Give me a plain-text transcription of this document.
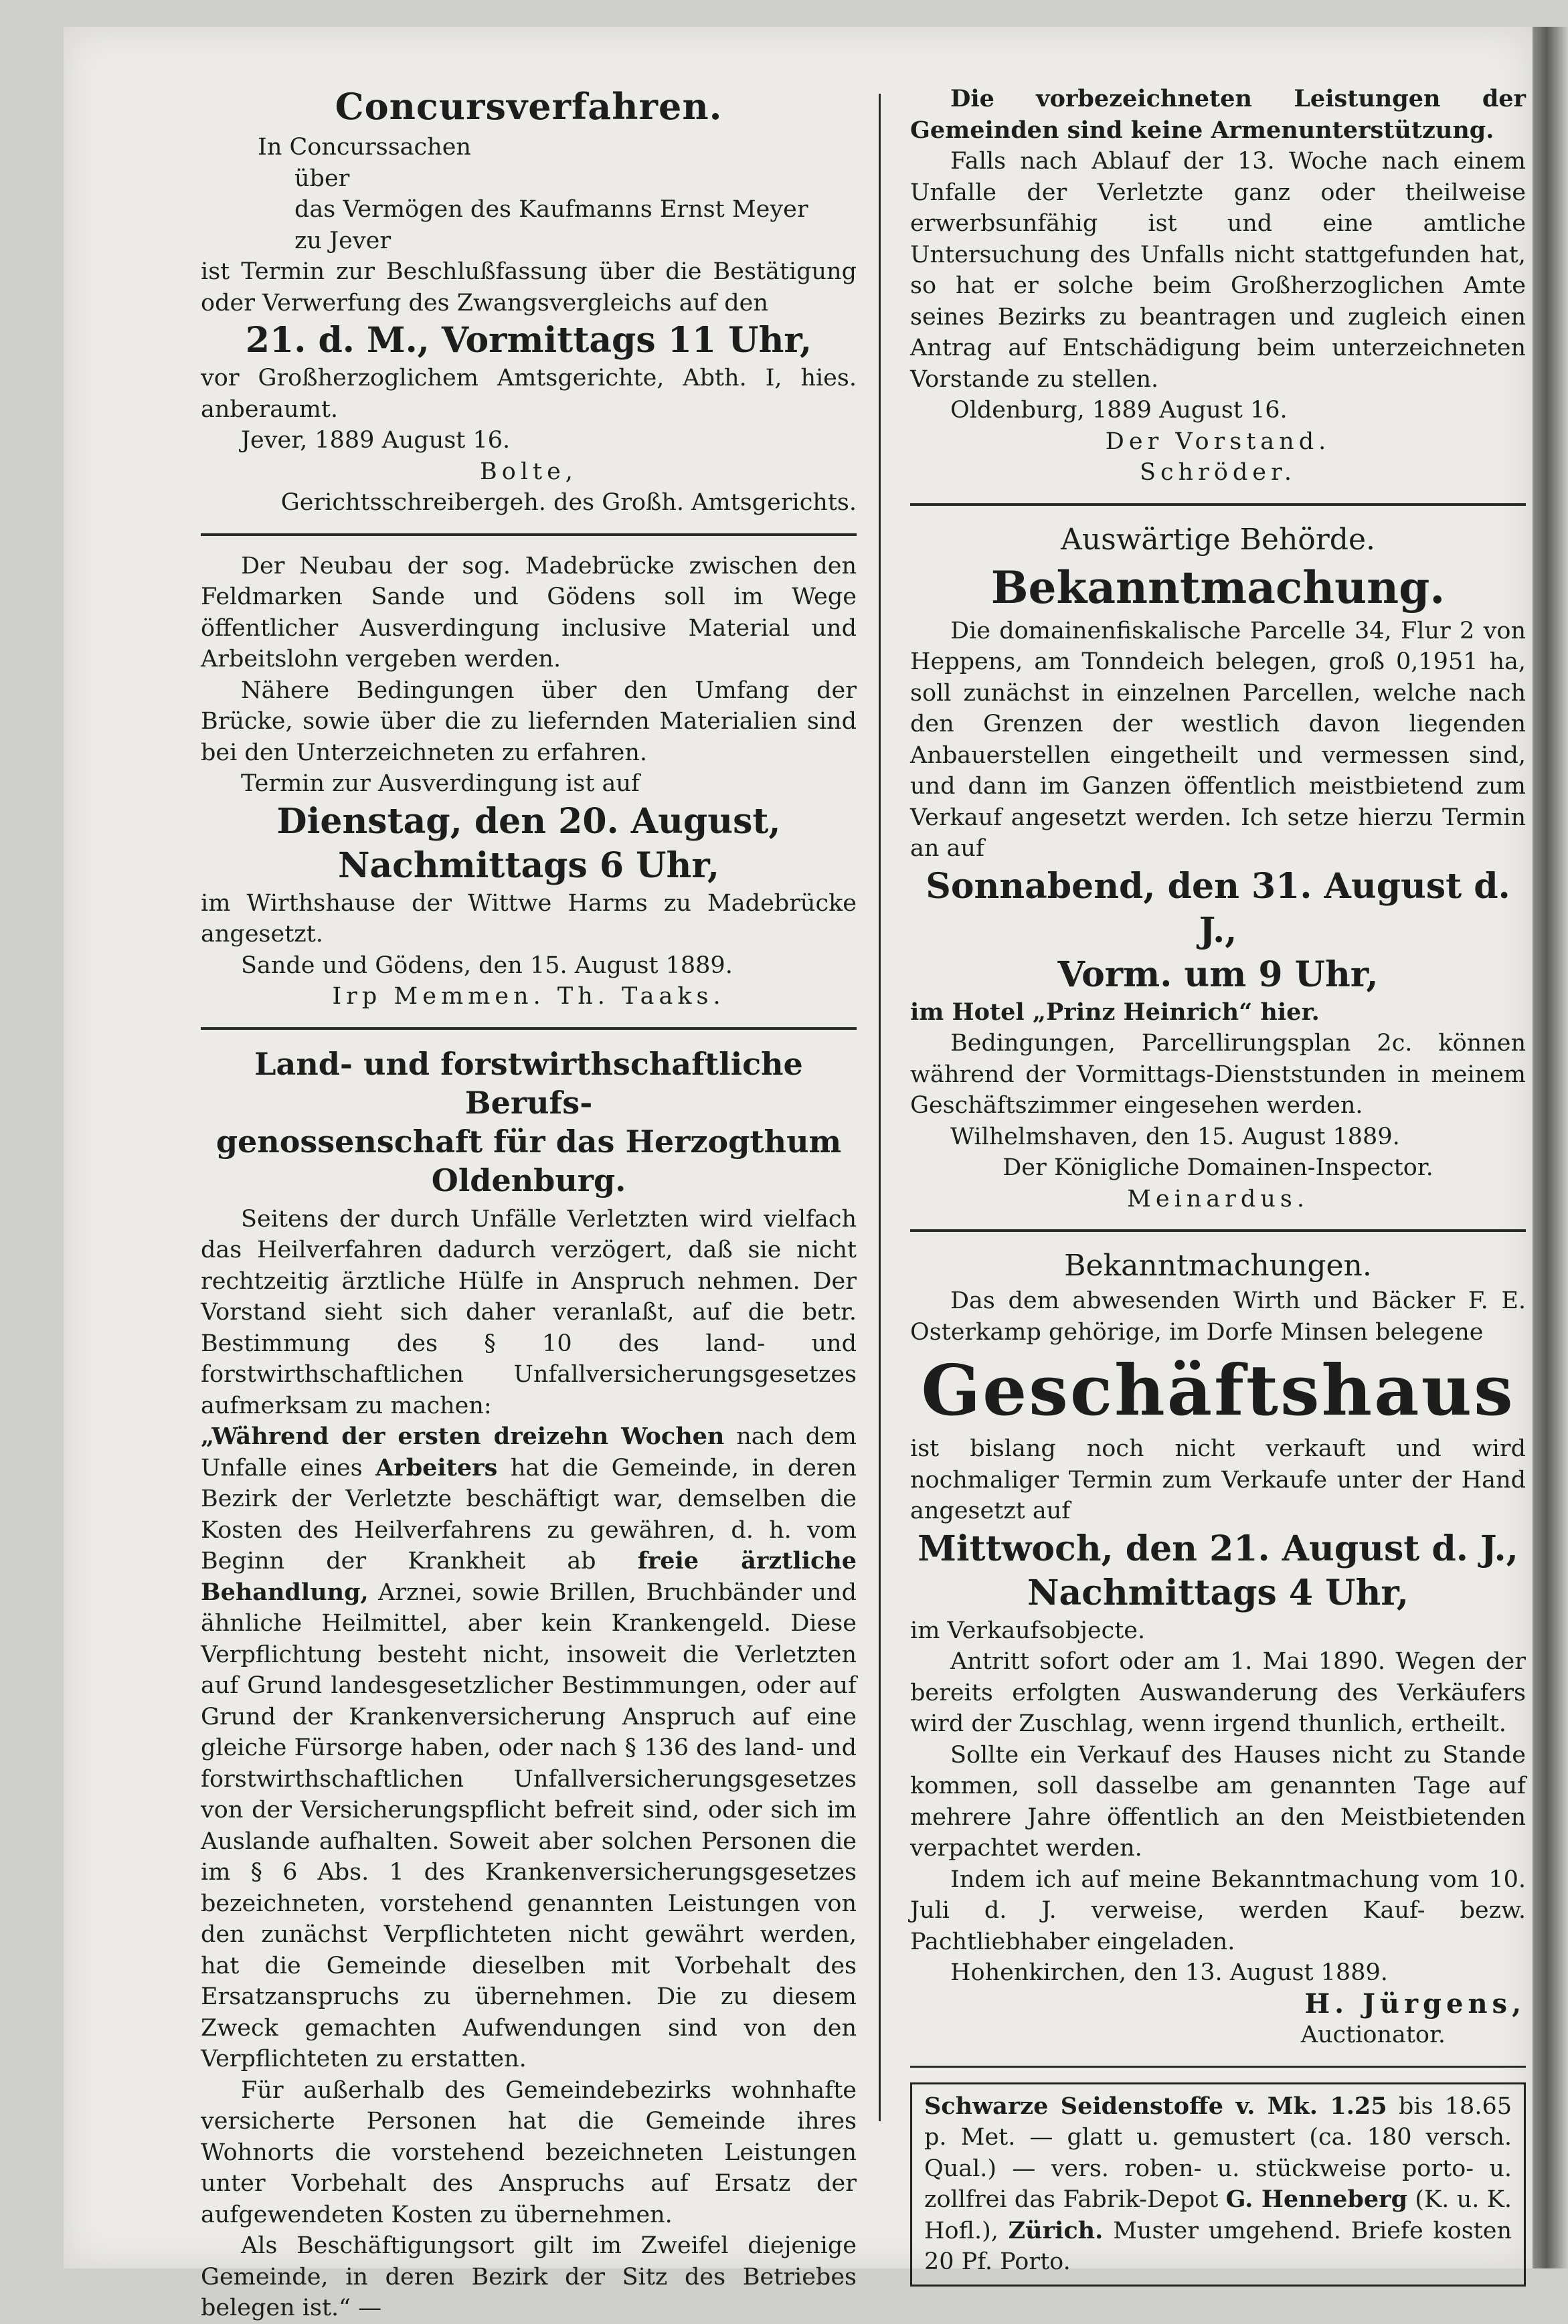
Concursverfahren.

In Concurssachen

über

das Vermögen des Kaufmanns Ernst Meyer

zu Jever

ist Termin zur Beschlußfassung über die Bestätigung oder Verwerfung des Zwangsvergleichs auf den

21. d. M., Vormittags 11 Uhr,

vor Großherzoglichem Amtsgerichte, Abth. I, hies. anberaumt.

Jever, 1889 August 16.

Bolte,

Gerichtsschreibergeh. des Großh. Amtsgerichts.

Der Neubau der sog. Madebrücke zwischen den Feldmarken Sande und Gödens soll im Wege öffentlicher Ausverdingung inclusive Material und Arbeitslohn vergeben werden.

Nähere Bedingungen über den Umfang der Brücke, sowie über die zu liefernden Materialien sind bei den Unterzeichneten zu erfahren.

Termin zur Ausverdingung ist auf

Dienstag, den 20. August,

Nachmittags 6 Uhr,

im Wirthshause der Wittwe Harms zu Madebrücke angesetzt.

Sande und Gödens, den 15. August 1889.

Irp Memmen. Th. Taaks.

Land- und forstwirthschaftliche Berufs-

genossenschaft für das Herzogthum

Oldenburg.

Seitens der durch Unfälle Verletzten wird vielfach das Heilverfahren dadurch verzögert, daß sie nicht rechtzeitig ärztliche Hülfe in Anspruch nehmen. Der Vorstand sieht sich daher veranlaßt, auf die betr. Bestimmung des § 10 des land- und forstwirthschaftlichen Unfallversicherungsgesetzes aufmerksam zu machen:

„Während der ersten dreizehn Wochen nach dem Unfalle eines Arbeiters hat die Gemeinde, in deren Bezirk der Verletzte beschäftigt war, demselben die Kosten des Heilverfahrens zu gewähren, d. h. vom Beginn der Krankheit ab freie ärztliche Behandlung, Arznei, sowie Brillen, Bruchbänder und ähnliche Heilmittel, aber kein Krankengeld. Diese Verpflichtung besteht nicht, insoweit die Verletzten auf Grund landesgesetzlicher Bestimmungen, oder auf Grund der Krankenversicherung Anspruch auf eine gleiche Fürsorge haben, oder nach § 136 des land- und forstwirthschaftlichen Unfallversicherungsgesetzes von der Versicherungspflicht befreit sind, oder sich im Auslande aufhalten. Soweit aber solchen Personen die im § 6 Abs. 1 des Krankenversicherungsgesetzes bezeichneten, vorstehend genannten Leistungen von den zunächst Verpflichteten nicht gewährt werden, hat die Gemeinde dieselben mit Vorbehalt des Ersatzanspruchs zu übernehmen. Die zu diesem Zweck gemachten Aufwendungen sind von den Verpflichteten zu erstatten.

Für außerhalb des Gemeindebezirks wohnhafte versicherte Personen hat die Gemeinde ihres Wohnorts die vorstehend bezeichneten Leistungen unter Vorbehalt des Anspruchs auf Ersatz der aufgewendeten Kosten zu übernehmen.

Als Beschäftigungsort gilt im Zweifel diejenige Gemeinde, in deren Bezirk der Sitz des Betriebes belegen ist.“ —

Die vorbezeichneten Leistungen der Gemeinden sind keine Armenunterstützung.

Falls nach Ablauf der 13. Woche nach einem Unfalle der Verletzte ganz oder theilweise erwerbsunfähig ist und eine amtliche Untersuchung des Unfalls nicht stattgefunden hat, so hat er solche beim Großherzoglichen Amte seines Bezirks zu beantragen und zugleich einen Antrag auf Entschädigung beim unterzeichneten Vorstande zu stellen.

Oldenburg, 1889 August 16.

Der Vorstand.

Schröder.

Auswärtige Behörde.

Bekanntmachung.

Die domainenfiskalische Parcelle 34, Flur 2 von Heppens, am Tonndeich belegen, groß 0,1951 ha, soll zunächst in einzelnen Parcellen, welche nach den Grenzen der westlich davon liegenden Anbauerstellen eingetheilt und vermessen sind, und dann im Ganzen öffentlich meistbietend zum Verkauf angesetzt werden. Ich setze hierzu Termin an auf

Sonnabend, den 31. August d. J.,

Vorm. um 9 Uhr,

im Hotel „Prinz Heinrich“ hier.

Bedingungen, Parcellirungsplan 2c. können während der Vormittags-Dienststunden in meinem Geschäftszimmer eingesehen werden.

Wilhelmshaven, den 15. August 1889.

Der Königliche Domainen-Inspector.

Meinardus.

Bekanntmachungen.

Das dem abwesenden Wirth und Bäcker F. E. Osterkamp gehörige, im Dorfe Minsen belegene

Geschäftshaus

ist bislang noch nicht verkauft und wird nochmaliger Termin zum Verkaufe unter der Hand angesetzt auf

Mittwoch, den 21. August d. J.,

Nachmittags 4 Uhr,

im Verkaufsobjecte.

Antritt sofort oder am 1. Mai 1890. Wegen der bereits erfolgten Auswanderung des Verkäufers wird der Zuschlag, wenn irgend thunlich, ertheilt.

Sollte ein Verkauf des Hauses nicht zu Stande kommen, soll dasselbe am genannten Tage auf mehrere Jahre öffentlich an den Meistbietenden verpachtet werden.

Indem ich auf meine Bekanntmachung vom 10. Juli d. J. verweise, werden Kauf- bezw. Pachtliebhaber eingeladen.

Hohenkirchen, den 13. August 1889.

H. Jürgens,

Auctionator.

Schwarze Seidenstoffe v. Mk. 1.25 bis 18.65 p. Met. — glatt u. gemustert (ca. 180 versch. Qual.) — vers. roben- u. stückweise porto- u. zollfrei das Fabrik-Depot G. Henneberg (K. u. K. Hofl.), Zürich. Muster umgehend. Briefe kosten 20 Pf. Porto.
